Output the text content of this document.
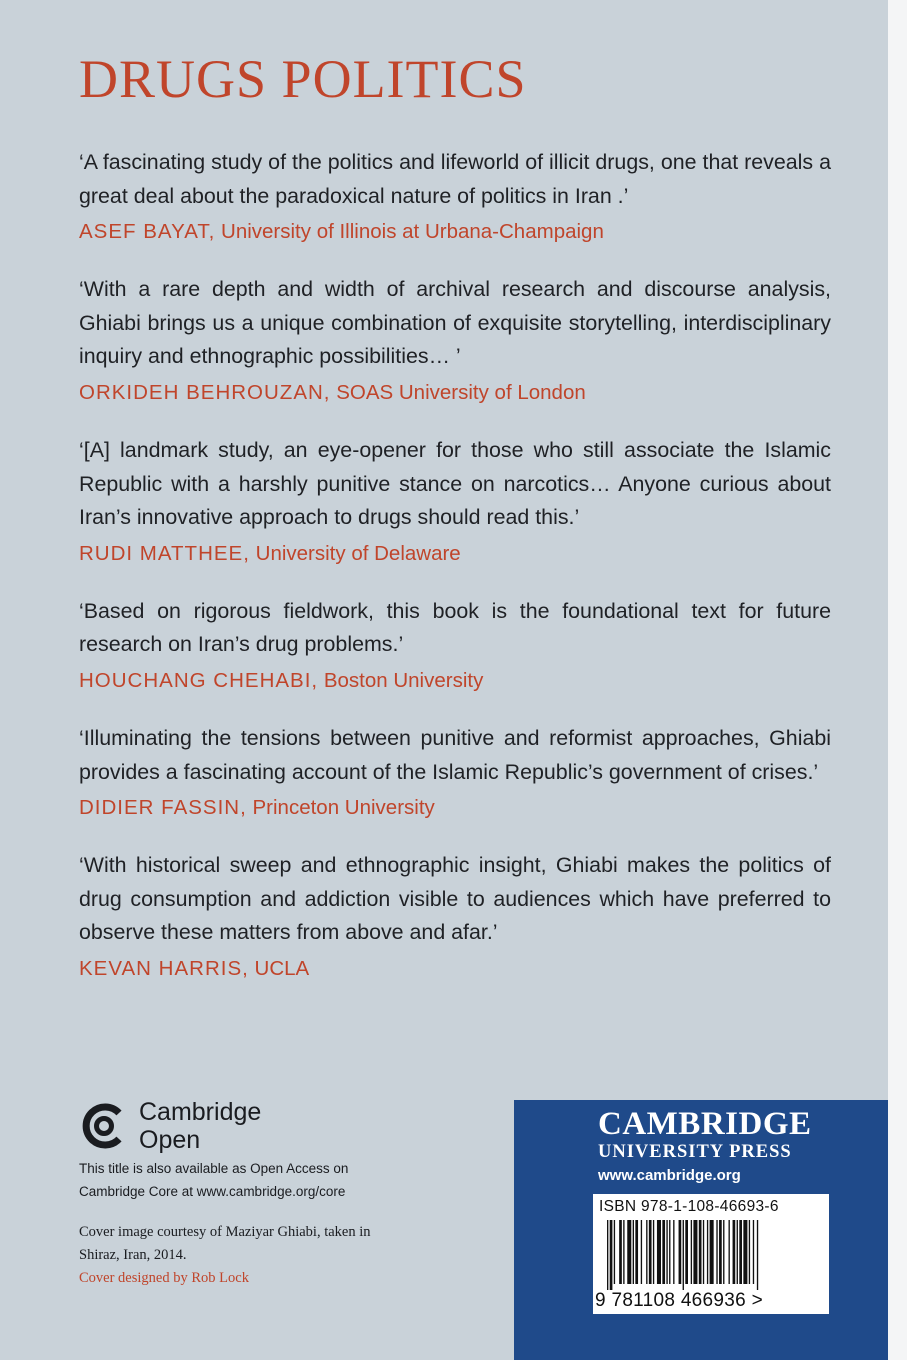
DRUGS POLITICS
‘A fascinating study of the politics and lifeworld of illicit drugs, one that reveals a great deal about the paradoxical nature of politics in Iran .’
ASEF BAYAT, University of Illinois at Urbana-Champaign
‘With a rare depth and width of archival research and discourse analysis, Ghiabi brings us a unique combination of exquisite storytelling, interdisciplinary inquiry and ethnographic possibilities… ’
ORKIDEH BEHROUZAN, SOAS University of London
‘[A] landmark study, an eye-opener for those who still associate the Islamic Republic with a harshly punitive stance on narcotics… Anyone curious about Iran’s innovative approach to drugs should read this.’
RUDI MATTHEE, University of Delaware
‘Based on rigorous fieldwork, this book is the foundational text for future research on Iran’s drug problems.’
HOUCHANG CHEHABI, Boston University
‘Illuminating the tensions between punitive and reformist approaches, Ghiabi provides a fascinating account of the Islamic Republic’s government of crises.’
DIDIER FASSIN, Princeton University
‘With historical sweep and ethnographic insight, Ghiabi makes the politics of drug consumption and addiction visible to audiences which have preferred to observe these matters from above and afar.’
KEVAN HARRIS, UCLA
Cambridge
Open
This title is also available as Open Access on
Cambridge Core at www.cambridge.org/core
Cover image courtesy of Maziyar Ghiabi, taken in
Shiraz, Iran, 2014.
Cover designed by Rob Lock
CAMBRIDGE
UNIVERSITY PRESS
www.cambridge.org
ISBN 978-1-108-46693-6
9 781108 466936 >
